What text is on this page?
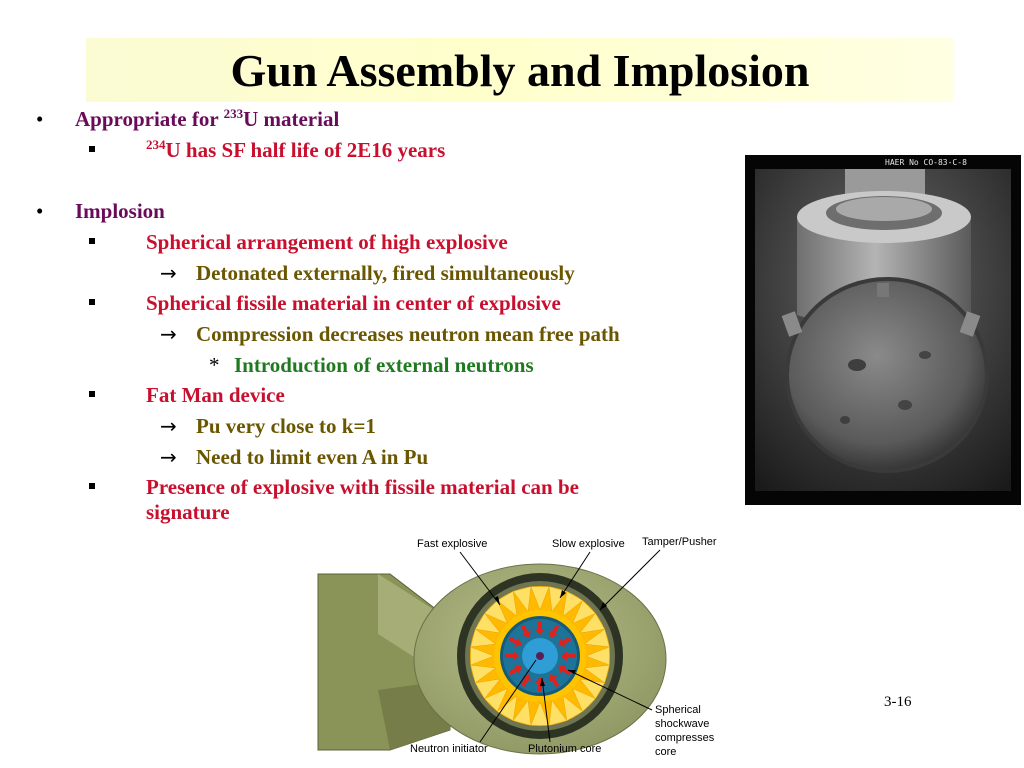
Gun Assembly and Implosion
• Appropriate for $^{233}$U material
$^{234}$U has SF half life of 2E16 years
• Implosion
Spherical arrangement of high explosive
→ Detonated externally, fired simultaneously
Spherical fissile material in center of explosive
→ Compression decreases neutron mean free path
* Introduction of external neutrons
Fat Man device
→ Pu very close to k=1
→ Need to limit even A in Pu
Presence of explosive with fissile material can be
signature
HAER No CO-83-C-8
Fast explosive	Slow explosive Tamper/Pusher
Spherical
shockwave
compresses
core
Neutron initiator	Plutonium core
3-16
